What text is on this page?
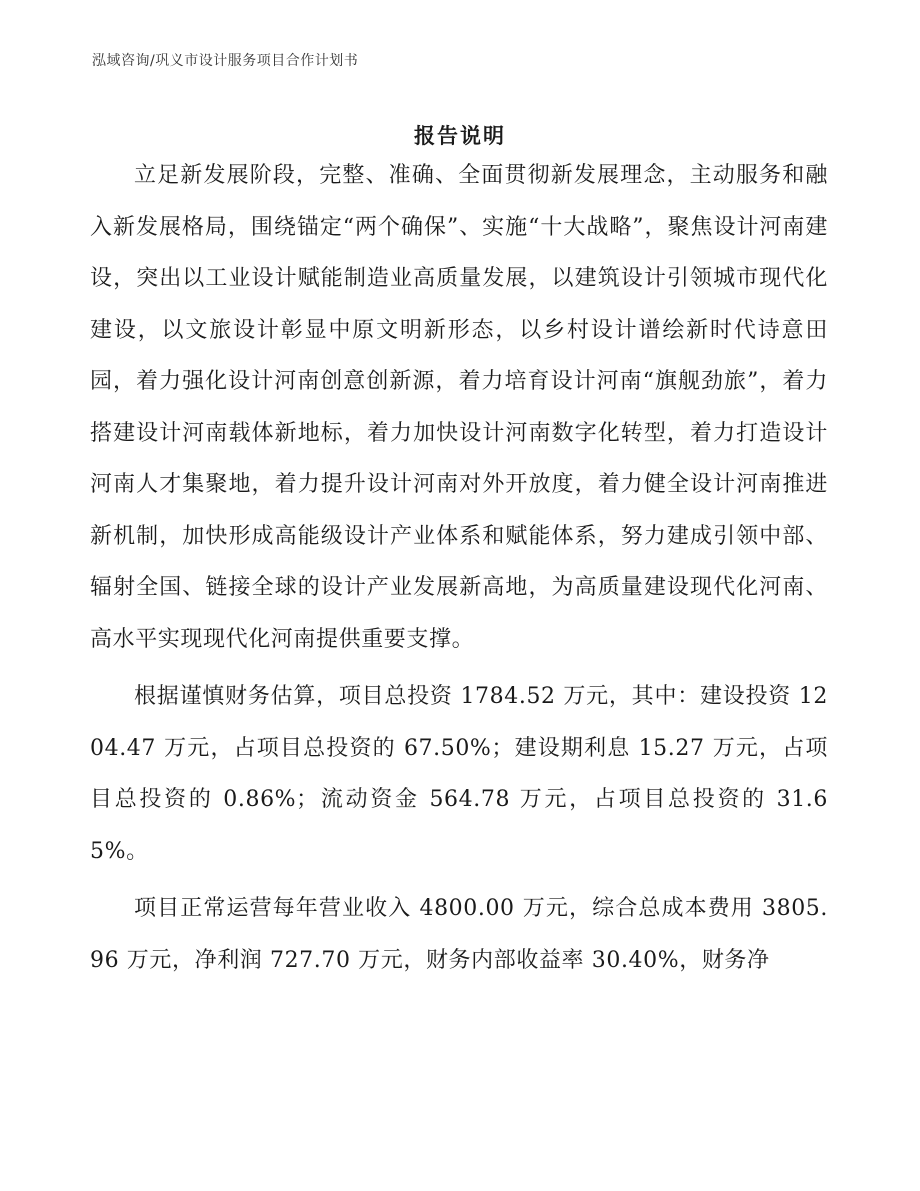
泓域咨询/巩义市设计服务项目合作计划书
报告说明

立足新发展阶段，完整、准确、全面贯彻新发展理念，主动服务和融入新发展格局，围绕锚定“两个确保”、实施“十大战略”，聚焦设计河南建设，突出以工业设计赋能制造业高质量发展，以建筑设计引领城市现代化建设，以文旅设计彰显中原文明新形态，以乡村设计谱绘新时代诗意田园，着力强化设计河南创意创新源，着力培育设计河南“旗舰劲旅”，着力搭建设计河南载体新地标，着力加快设计河南数字化转型，着力打造设计河南人才集聚地，着力提升设计河南对外开放度，着力健全设计河南推进新机制，加快形成高能级设计产业体系和赋能体系，努力建成引领中部、辐射全国、链接全球的设计产业发展新高地，为高质量建设现代化河南、高水平实现现代化河南提供重要支撑。

根据谨慎财务估算，项目总投资 1784.52 万元，其中：建设投资 1204.47 万元，占项目总投资的 67.50%；建设期利息 15.27 万元，占项目总投资的 0.86%；流动资金 564.78 万元，占项目总投资的 31.65%。

项目正常运营每年营业收入 4800.00 万元，综合总成本费用 3805.96 万元，净利润 727.70 万元，财务内部收益率 30.40%，财务净
